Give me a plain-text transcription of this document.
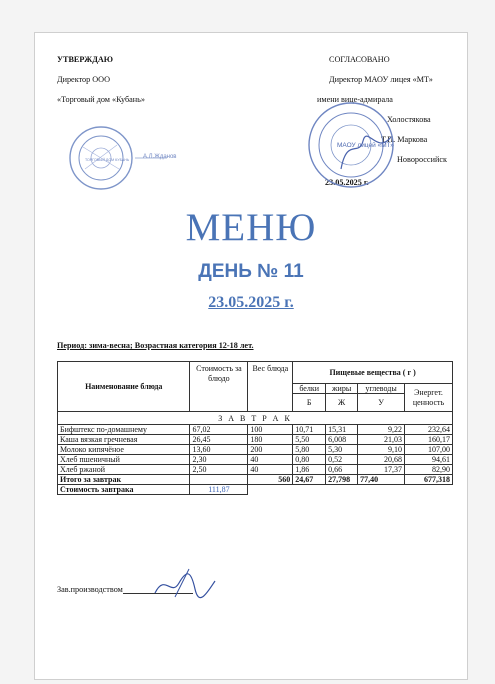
УТВЕРЖДАЮ
Директор ООО
«Торговый дом «Кубань»
А.Л.Жданов
ТОРГОВЫЙ ДОМ КУБАНЬ
СОГЛАСОВАНО
Директор МАОУ лицея «МТ»
имени вице-адмирала
Холостякова
Т.П. Маркова
Новороссийск
23.05.2025 г.
МАОУ лицей «МТ»
МЕНЮ
ДЕНЬ № 11
23.05.2025 г.
Период: зима-весна; Возрастная категория 12-18 лет.
Наименование блюда	Стоимость за блюдо	Вес блюда	Пищевые вещества ( г )			
			белки	жиры	углеводы	Энергет. ценность
			Б	Ж	У	
З А В Т Р А К						
Бифштекс по-домашнему	67,02	100	10,71	15,31	9,22	232,64
Каша вязкая гречневая	26,45	180	5,50	6,008	21,03	160,17
Молоко кипячёное	13,60	200	5,80	5,30	9,10	107,00
Хлеб пшеничный	2,30	40	0,80	0,52	20,68	94,61
Хлеб ржаной	2,50	40	1,86	0,66	17,37	82,90
Итого за завтрак		560	24,67	27,798	77,40	677,318
Стоимость завтрака	111,87					
Зав.производством
